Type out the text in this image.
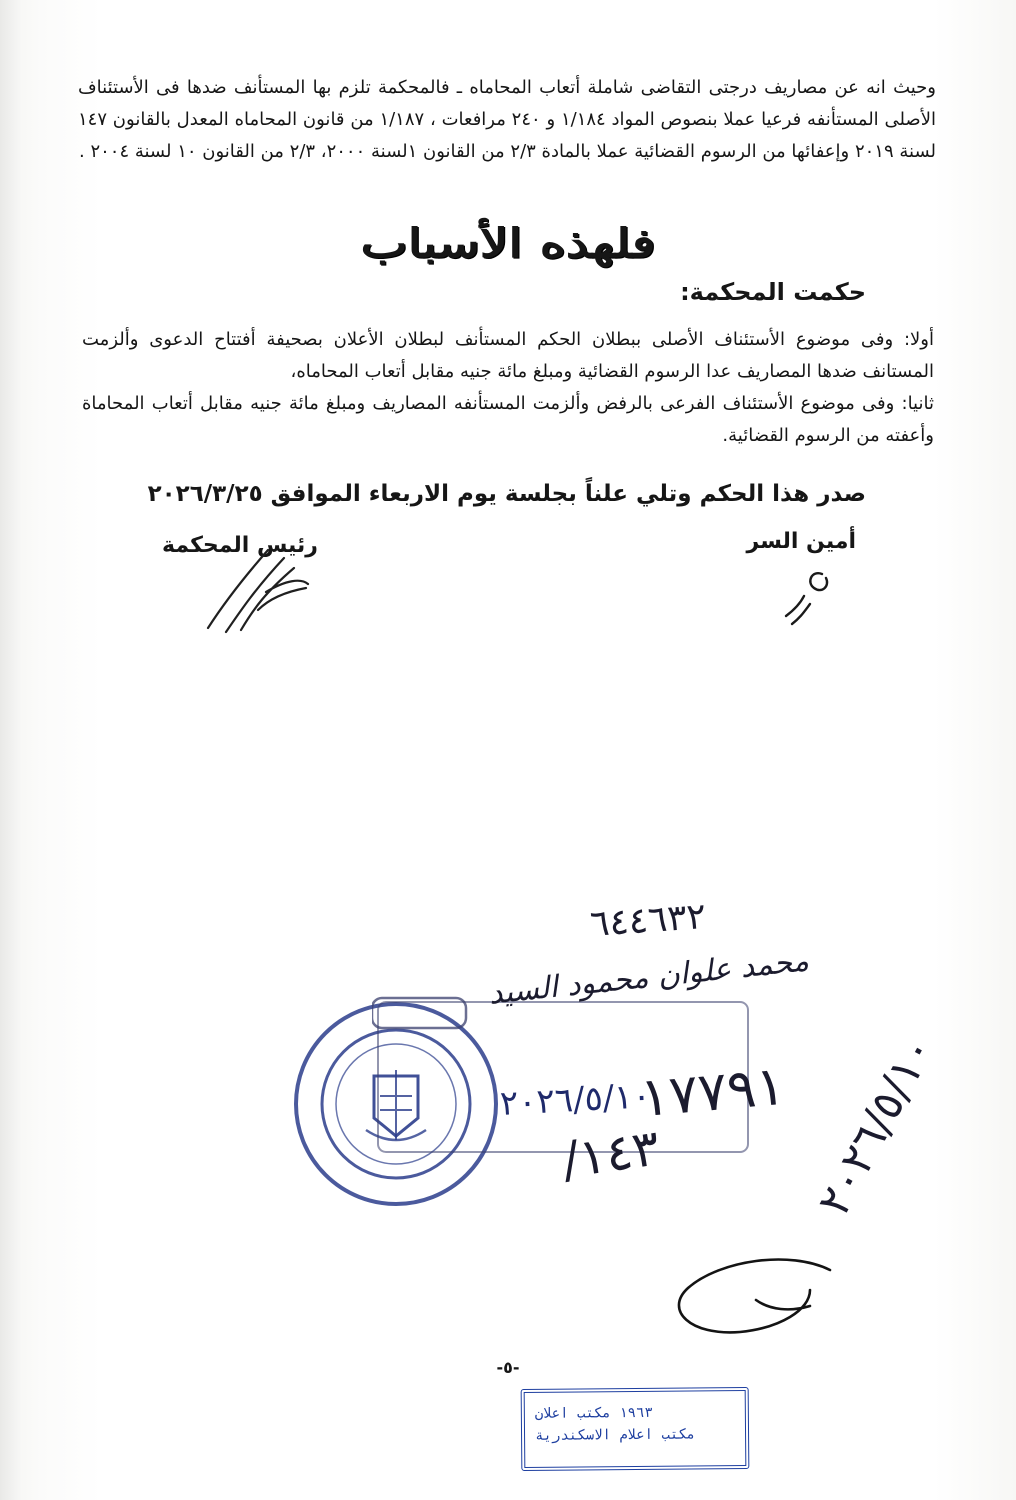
وحيث انه عن مصاريف درجتى التقاضى شاملة أتعاب المحاماه ـ فالمحكمة تلزم بها المستأنف ضدها فى الأستئناف الأصلى المستأنفه فرعيا عملا بنصوص المواد ١/١٨٤ و ٢٤٠ مرافعات ، ١/١٨٧ من قانون المحاماه المعدل بالقانون ١٤٧ لسنة ٢٠١٩ وإعفائها من الرسوم القضائية عملا بالمادة ٢/٣ من القانون ١لسنة ٢٠٠٠، ٢/٣ من القانون ١٠ لسنة ٢٠٠٤ .

فلهذه الأسباب
حكمت المحكمة:

أولا: وفى موضوع الأستئناف الأصلى ببطلان الحكم المستأنف لبطلان الأعلان بصحيفة أفتتاح الدعوى وألزمت المستانف ضدها المصاريف عدا الرسوم القضائية ومبلغ مائة جنيه مقابل أتعاب المحاماه،

ثانيا: وفى موضوع الأستئناف الفرعى بالرفض وألزمت المستأنفه المصاريف ومبلغ مائة جنيه مقابل أتعاب المحاماة وأعفته من الرسوم القضائية.

صدر هذا الحكم وتلي علناً بجلسة يوم الاربعاء الموافق ٢٠٢٦/٣/٢٥
أمين السر
رئيس المحكمة
-٥-
٦٤٤٦٣٢
محمد علوان محمود السيد
٢٠٢٦/٥/١٠
١٧٧٩١
١٤٣/	٢٠٢٦/٥/١٠
١٩٦٣ مكتب اعلان
مكتب اعلام الاسكندرية
